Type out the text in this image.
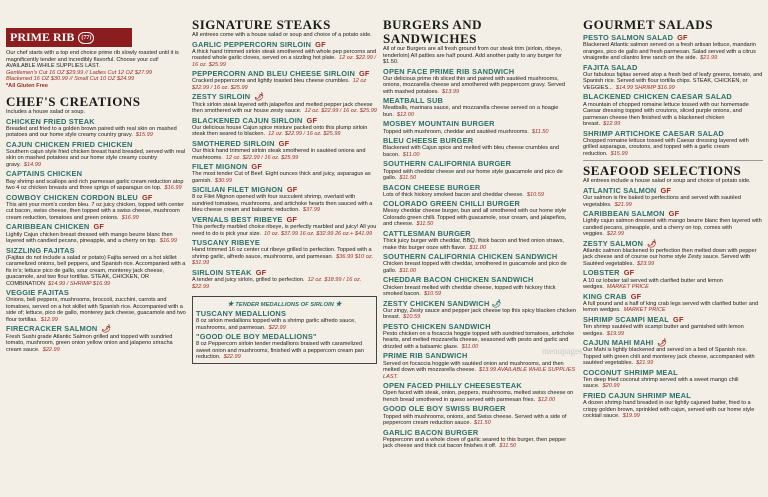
PRIME RIB (77)
Our chef starts with a top end choice prime rib slowly roasted until it is magnificently tender and incredibly flavorful. Choose your cut! AVAILABLE WHILE SUPPLIES LAST.
Gentlemen's Cut 16 OZ $29.99 // Ladies Cut 12 OZ $27.99
Blackened 16 OZ $30.99 // Small Cut 10 OZ $24.99
*All Gluten Free
CHEF'S CREATIONS
Includes a house salad or soup.
CHICKEN FRIED STEAK
Breaded and fried to a golden brown paired with real skin on mashed potatoes and our home style creamy country gravy. $15.99
CAJUN CHICKEN FRIED CHICKEN
Southern cajun style fried chicken breast hand breaded, served with real skin on mashed potatoes and our home style creamy country gravy. $14.99
CAPTAINS CHICKEN
Bay shrimp and scallops and rich parmesan garlic cream reduction atop two 4 oz chicken breasts and three sprigs of asparagus on top. $16.99
COWBOY CHICKEN CORDON BLEU GF
This aint your mom's cordon bleu. 7 oz juicy chicken, topped with center cut bacon, swiss cheese, then topped with a swiss cheese, mushroom cream reduction, tomatoes and green onions. $16.99
CARIBBEAN CHICKEN GF
Lightly Cajun chicken breast dressed with mango beurre blanc then layered with candied pecans, pineapple, and a cherry on top. $16.99
SIZZLING FAJITAS
(Fajitas do not include a salad or potato) Fajita served on a hot skillet caramelized onions, bell peppers, and Spanish rice. Accompanied with a fix in's; lettuce pico de gallo, sour cream, monterey jack cheese, guacamole, and two flour tortillas. STEAK, CHICKEN, OR COMBINATION $14.99 / SHRIMP $16.99
VEGGIE FAJITAS
Onions, bell peppers, mushrooms, broccoli, zucchini, carrots and tomatoes, served on a hot skillet with Spanish rice. Accompanied with a side of; lettuce, pico de gallo, monterey jack cheese, guacamole and two flour tortillas. $12.99
FIRECRACKER SALMON 🌶
Fresh Sushi grade Atlantic Salmon grilled and topped with sundried tomato, mushroom, green onion yellow onion and jalapeno sriracha cream sauce. $22.99
SIGNATURE STEAKS
All entrees come with a house salad or soup and choice of a potato side.
GARLIC PEPPERCORN SIRLOIN GF
A thick hand trimmed sirloin steak smothered with whole pep percorns and roasted whole garlic cloves, served on a sizzling hot plate. 12 oz. $22.99 / 16 oz. $25.99
PEPPERCORN AND BLEU CHEESE SIRLOIN GF
Cracked peppercorns and lightly toasted bleu cheese crumbles. 12 oz $22.99 / 16 oz. $25.99
ZESTY SIRLOIN 🌶
Thick sirloin steak layered with jalapeños and melted pepper jack cheese then smothered with our house zesty sauce. 12 oz. $22.99 / 16 oz. $25.99
BLACKENED CAJUN SIRLOIN GF
Our delicious house Cajun spice mixture packed onto this plump sirloin steak then seared to blacken. 12 oz. $22.99 / 16 oz. $25.99
SMOTHERED SIRLOIN GF
Our thick hand trimmed sirloin steak smothered in sautéed onions and mushrooms. 12 oz. $22.99 / 16 oz. $25.99
FILET MIGNON GF
The most tender Cut of Beef. Eight ounces thick and juicy, asparagus as garnish. $30.99
SICILIAN FILET MIGNON GF
8 oz Filet Mignon opened with four succulent shrimp, overlaid with sundried tomatoes, mushrooms, and artichoke hearts then sauced with a bleu cheese cream and balsamic reduction. $37.99
VERNALS BEST RIBEYE GF
This perfectly marbled choice ribeye, is perfectly marbled and juicy! All you need to do is pick your size. 10 oz. $37.99 16 oz. $32.99 26 oz.+ $41.99
TUSCANY RIBEYE
Hand trimmed 16 oz center cut ribeye grilled to perfection. Topped with a shrimp garlic, alfredo sauce, mushrooms, and parmesan. $36.99 $10 oz. $31.99
SIRLOIN STEAK GF
A tender and juicy sirloin, grilled to perfection. 12 oz. $18.99 / 16 oz. $22.99
★ TENDER MEDALLIONS OF SIRLOIN ★
TUSCANY MEDALLIONS
8 oz sirloin medallions topped with a shrimp garlic alfredo sauce, mushrooms, and parmesan. $22.99
"GOOD OLE BOY MEDALLIONS"
8 oz Peppercorn sirloin tender medallions braised with caramelized sweet onion and mushrooms, finished with a peppercorn cream pan reduction. $22.99
BURGERS AND SANDWICHES
All of our Burgers are all fresh ground from our steak trim (sirloin, ribeye, tenderloin) All patties are half pound. Add another patty to any burger for $1.50.
OPEN FACE PRIME RIB SANDWICH
Our delicious prime rib sliced thin and paired with sautéed mushrooms, onions, mozzarella cheese and smothered with peppercorn gravy. Served with mashed potatoes. $13.99
MEATBALL SUB
Meatballs, marinara sauce, and mozzarella cheese served on a hoagie bun. $12.00
MOSBEY MOUNTAIN BURGER
Topped with mushroom, cheddar and sautéed mushrooms. $11.50
BLEU CHEESE BURGER
Blackened with Cajun spice and melted with bleu cheese crumbles and bacon. $11.00
SOUTHERN CALIFORNIA BURGER
Topped with cheddar cheese and our home style guacamole and pico de gallo. $11.50
BACON CHEESE BURGER
Lots of thick hickory smoked bacon and cheddar cheese. $10.59
COLORADO GREEN CHILLI BURGER
Messy cheddar cheese burger, bun and all smothered with our home style Colorado green chilli. Topped with guacamole, sour cream, and jalapeños, and cheese. $11.50
CATTLESMAN BURGER
Thick juicy burger with cheddar, BBQ, thick bacon and fried onion straws, make this burger ooze with flavor. $11.00
SOUTHERN CALIFORNIA CHICKEN SANDWICH
Chicken breast topped with cheddar, smothered in guacamole and pico de gallo. $11.00
CHEDDAR BACON CHICKEN SANDWICH
Chicken breast melted with cheddar cheese, topped with hickory thick smoked bacon. $10.59
ZESTY CHICKEN SANDWICH 🌶
Our zingy, Zesty sauce and pepper jack cheese top this spicy blacken chicken breast. $10.59
PESTO CHICKEN SANDWICH
Pesto chicken on a focaccia hoggie topped with sundried tomatoes, artichoke hearts, and melted mozzarella cheese, seasoned with pesto and garlic and drizzled with a balsamic glaze. $11.00
PRIME RIB SANDWICH
Served on focaccia hoggie with sautéed onion and mushrooms, and then melted down with mozzarella cheese. $13.99 AVAILABLE WHILE SUPPLIES LAST.
OPEN FACED PHILLY CHEESESTEAK
Open faced with steak, onion, peppers, mushrooms, melted swiss cheese on french bread smothered in queso served with parmesan fries. $12.00
GOOD OLE BOY SWISS BURGER
Topped with mushrooms, onions, and Swiss cheese. Served with a side of peppercorn cream reduction sauce. $11.50
GARLIC BACON BURGER
Pepperconn and a whole clove of garlic seared to this burger, then pepper jack cheese and thick cut bacon finishes it off. $11.50
GOURMET SALADS
PESTO SALMON SALAD GF
Blackened Atlantic salmon served on a fresh artisan lettuce, mandarin oranges, pico de gallo and fresh parmesan. Salad served with a citrus vinaigrette and cilantro lime ranch on the side. $21.99
FAJITA SALAD
Our fabulous fajitas served atop a fresh bed of leafy greens, tomato, and Spanish rice. Served with flour tortilla chips. STEAK, CHICKEN, or VEGGIES... $14.99 SHRIMP $16.99
BLACKENED CHICKEN CAESAR SALAD
A mountain of chopped romaine lettuce tossed with our homemade Caesar dressing topped with croutons, sliced purple onions, and parmesan cheese then finished with a blackened chicken breast. $12.99
SHRIMP ARTICHOKE CAESAR SALAD
Chopped romaine lettuce tossed with Caesar dressing layered with grilled asparagus, croutons, and topped with a garlic cream reduction. $15.99
SEAFOOD SELECTIONS
All entrees include a house salad or soup and choice of potato side.
ATLANTIC SALMON GF
Our salmon is fire baked to perfections and served with sautéed vegetables. $21.99
CARIBBEAN SALMON GF
Lightly cajun salmon dressed with mango beurre blanc then layered with candied pecans, pineapple, and a cherry on top, comes with veggies. $22.99
ZESTY SALMON 🌶
Atlantic salmon blackened to perfection then melted down with pepper jack cheese and of course our home style Zesty sauce. Served with Sautéed vegetables. $23.99
LOBSTER GF
A 10 oz lobster tail served with clarified butter and lemon wedges. MARKET PRICE
KING CRAB GF
A full pound and a half of king crab legs served with clarified butter and lemon wedges. MARKET PRICE
SHRIMP SCAMPI MEAL GF
Ten shrimp sautéed with scampi butter and garnished with lemon wedges. $19.99
CAJUN MAHI MAHI 🌶
Our Mahi is lightly blackened and served on a bed of Spanish rice. Topped with green chili and monterey jack cheese, accompanied with sautéed vegetables. $21.99
COCONUT SHRIMP MEAL
Ten deep fried coconut shrimp served with a sweet mango chili sauce. $20.99
FRIED CAJUN SHRIMP MEAL
A dozen shrimp hand breaded in our lightly cajuned batter, fried to a crispy golden brown, sprinkled with cajun, served with our home style cocktail sauce. $19.99
menupages
